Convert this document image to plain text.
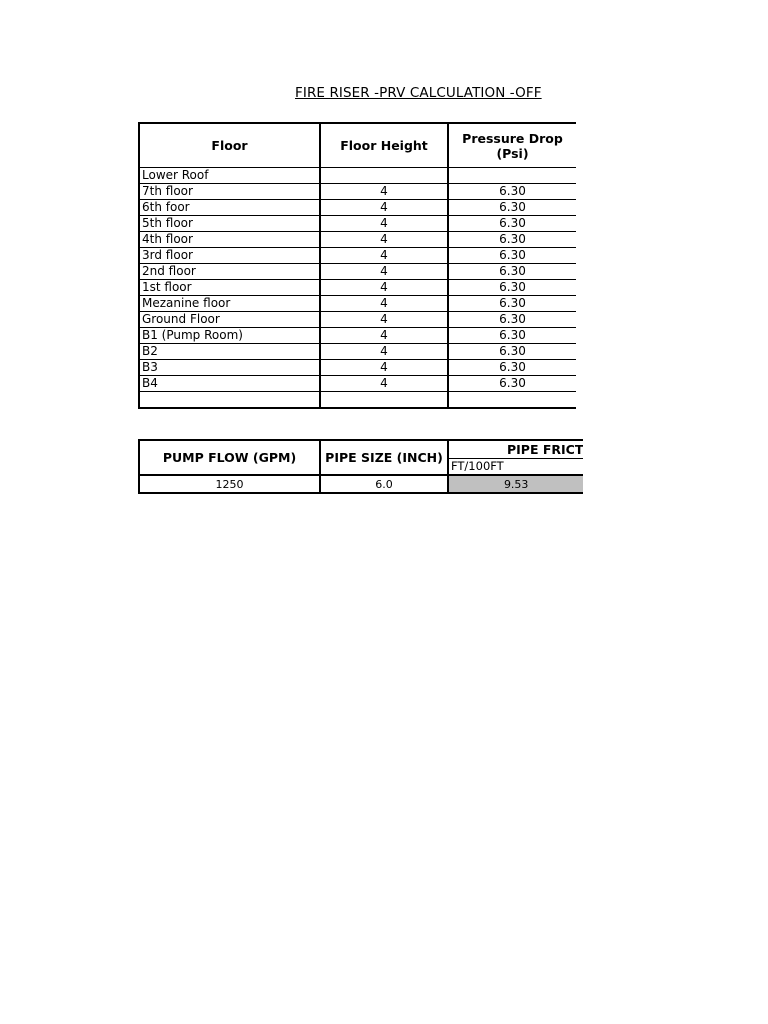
FIRE RISER -PRV CALCULATION -OFF
Floor	Floor Height	Pressure Drop
(Psi)
Lower Roof		
7th floor	4	6.30
6th foor	4	6.30
5th floor	4	6.30
4th floor	4	6.30
3rd floor	4	6.30
2nd floor	4	6.30
1st floor	4	6.30
Mezanine floor	4	6.30
Ground Floor	4	6.30
B1 (Pump Room)	4	6.30
B2	4	6.30
B3	4	6.30
B4	4	6.30

PUMP FLOW (GPM)	PIPE SIZE (INCH)	PIPE FRICT
		FT/100FT
1250	6.0	9.53
